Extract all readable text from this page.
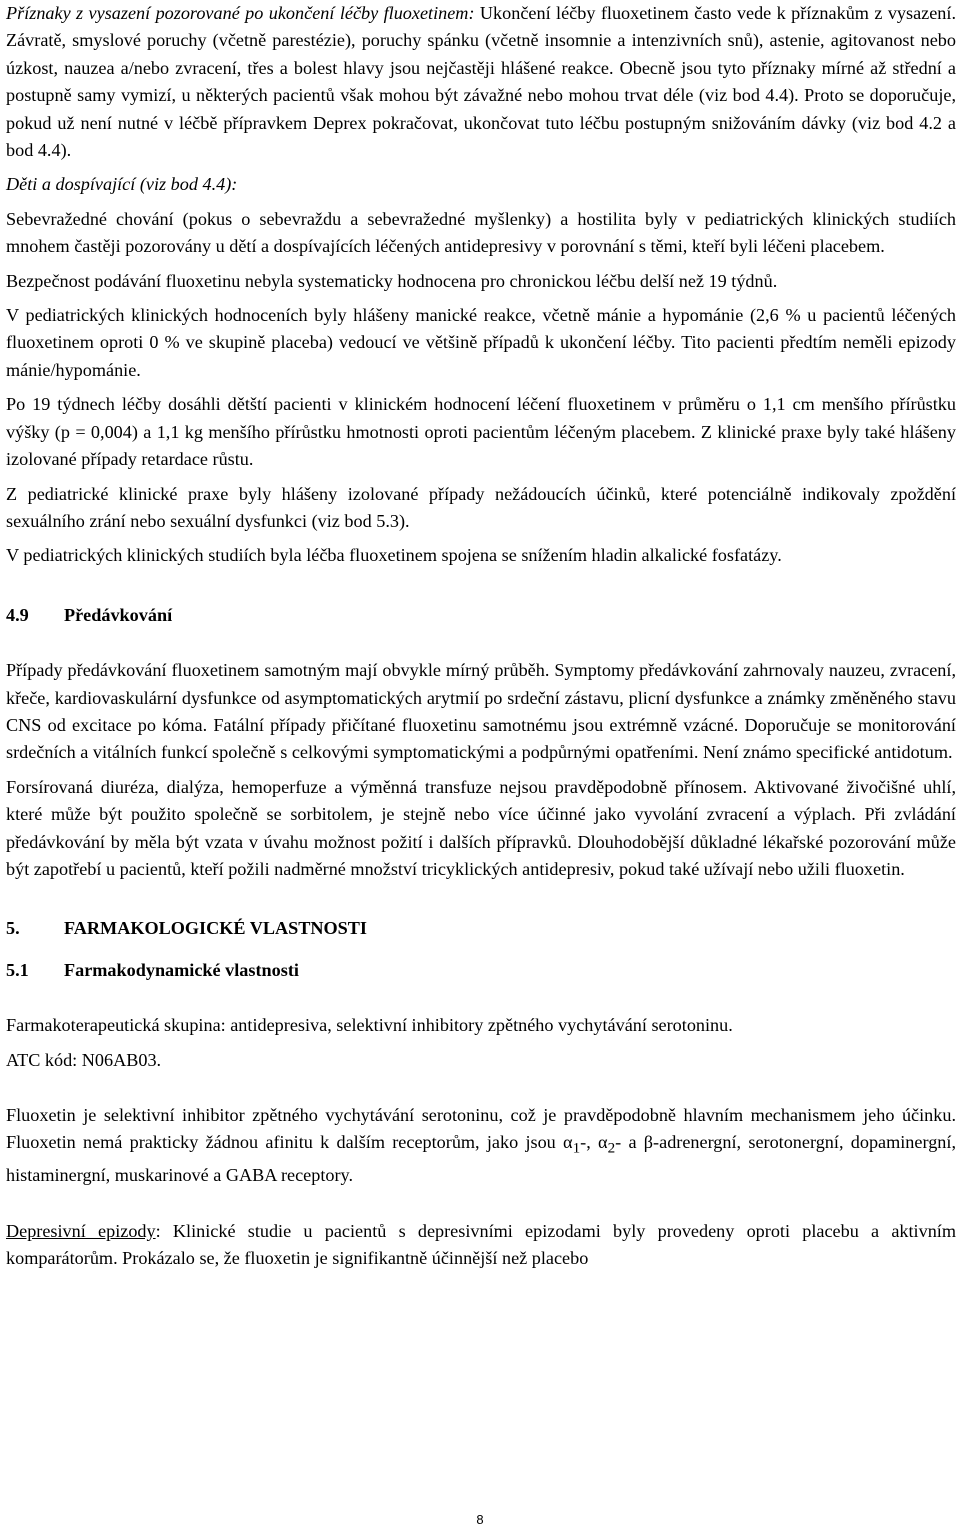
Příznaky z vysazení pozorované po ukončení léčby fluoxetinem: Ukončení léčby fluoxetinem často vede k příznakům z vysazení. Závratě, smyslové poruchy (včetně parestézie), poruchy spánku (včetně insomnie a intenzivních snů), astenie, agitovanost nebo úzkost, nauzea a/nebo zvracení, třes a bolest hlavy jsou nejčastěji hlášené reakce. Obecně jsou tyto příznaky mírné až střední a postupně samy vymizí, u některých pacientů však mohou být závažné nebo mohou trvat déle (viz bod 4.4). Proto se doporučuje, pokud už není nutné v léčbě přípravkem Deprex pokračovat, ukončovat tuto léčbu postupným snižováním dávky (viz bod 4.2 a bod 4.4).

Děti a dospívající (viz bod 4.4):

Sebevražedné chování (pokus o sebevraždu a sebevražedné myšlenky) a hostilita byly v pediatrických klinických studiích mnohem častěji pozorovány u dětí a dospívajících léčených antidepresivy v porovnání s těmi, kteří byli léčeni placebem.

Bezpečnost podávání fluoxetinu nebyla systematicky hodnocena pro chronickou léčbu delší než 19 týdnů.

V pediatrických klinických hodnoceních byly hlášeny manické reakce, včetně mánie a hypománie (2,6 % u pacientů léčených fluoxetinem oproti 0 % ve skupině placeba) vedoucí ve většině případů k ukončení léčby. Tito pacienti předtím neměli epizody mánie/hypománie.

Po 19 týdnech léčby dosáhli dětští pacienti v klinickém hodnocení léčení fluoxetinem v průměru o 1,1 cm menšího přírůstku výšky (p = 0,004) a 1,1 kg menšího přírůstku hmotnosti oproti pacientům léčeným placebem. Z klinické praxe byly také hlášeny izolované případy retardace růstu.

Z pediatrické klinické praxe byly hlášeny izolované případy nežádoucích účinků, které potenciálně indikovaly zpoždění sexuálního zrání nebo sexuální dysfunkci (viz bod 5.3).

V pediatrických klinických studiích byla léčba fluoxetinem spojena se snížením hladin alkalické fosfatázy.

4.9 Předávkování

Případy předávkování fluoxetinem samotným mají obvykle mírný průběh. Symptomy předávkování zahrnovaly nauzeu, zvracení, křeče, kardiovaskulární dysfunkce od asymptomatických arytmií po srdeční zástavu, plicní dysfunkce a známky změněného stavu CNS od excitace po kóma. Fatální případy přičítané fluoxetinu samotnému jsou extrémně vzácné. Doporučuje se monitorování srdečních a vitálních funkcí společně s celkovými symptomatickými a podpůrnými opatřeními. Není známo specifické antidotum.

Forsírovaná diuréza, dialýza, hemoperfuze a výměnná transfuze nejsou pravděpodobně přínosem. Aktivované živočišné uhlí, které může být použito společně se sorbitolem, je stejně nebo více účinné jako vyvolání zvracení a výplach. Při zvládání předávkování by měla být vzata v úvahu možnost požití i dalších přípravků. Dlouhodobější důkladné lékařské pozorování může být zapotřebí u pacientů, kteří požili nadměrné množství tricyklických antidepresiv, pokud také užívají nebo užili fluoxetin.

5. FARMAKOLOGICKÉ VLASTNOSTI

5.1 Farmakodynamické vlastnosti

Farmakoterapeutická skupina: antidepresiva, selektivní inhibitory zpětného vychytávání serotoninu.

ATC kód: N06AB03.

Fluoxetin je selektivní inhibitor zpětného vychytávání serotoninu, což je pravděpodobně hlavním mechanismem jeho účinku. Fluoxetin nemá prakticky žádnou afinitu k dalším receptorům, jako jsou $\alpha_1-$, $\alpha_2-$ a β-adrenergní, serotonergní, dopaminergní, histaminergní, muskarinové a GABA receptory.

Depresivní epizody: Klinické studie u pacientů s depresivními epizodami byly provedeny oproti placebu a aktivním komparátorům. Prokázalo se, že fluoxetin je signifikantně účinnější než placebo

8
